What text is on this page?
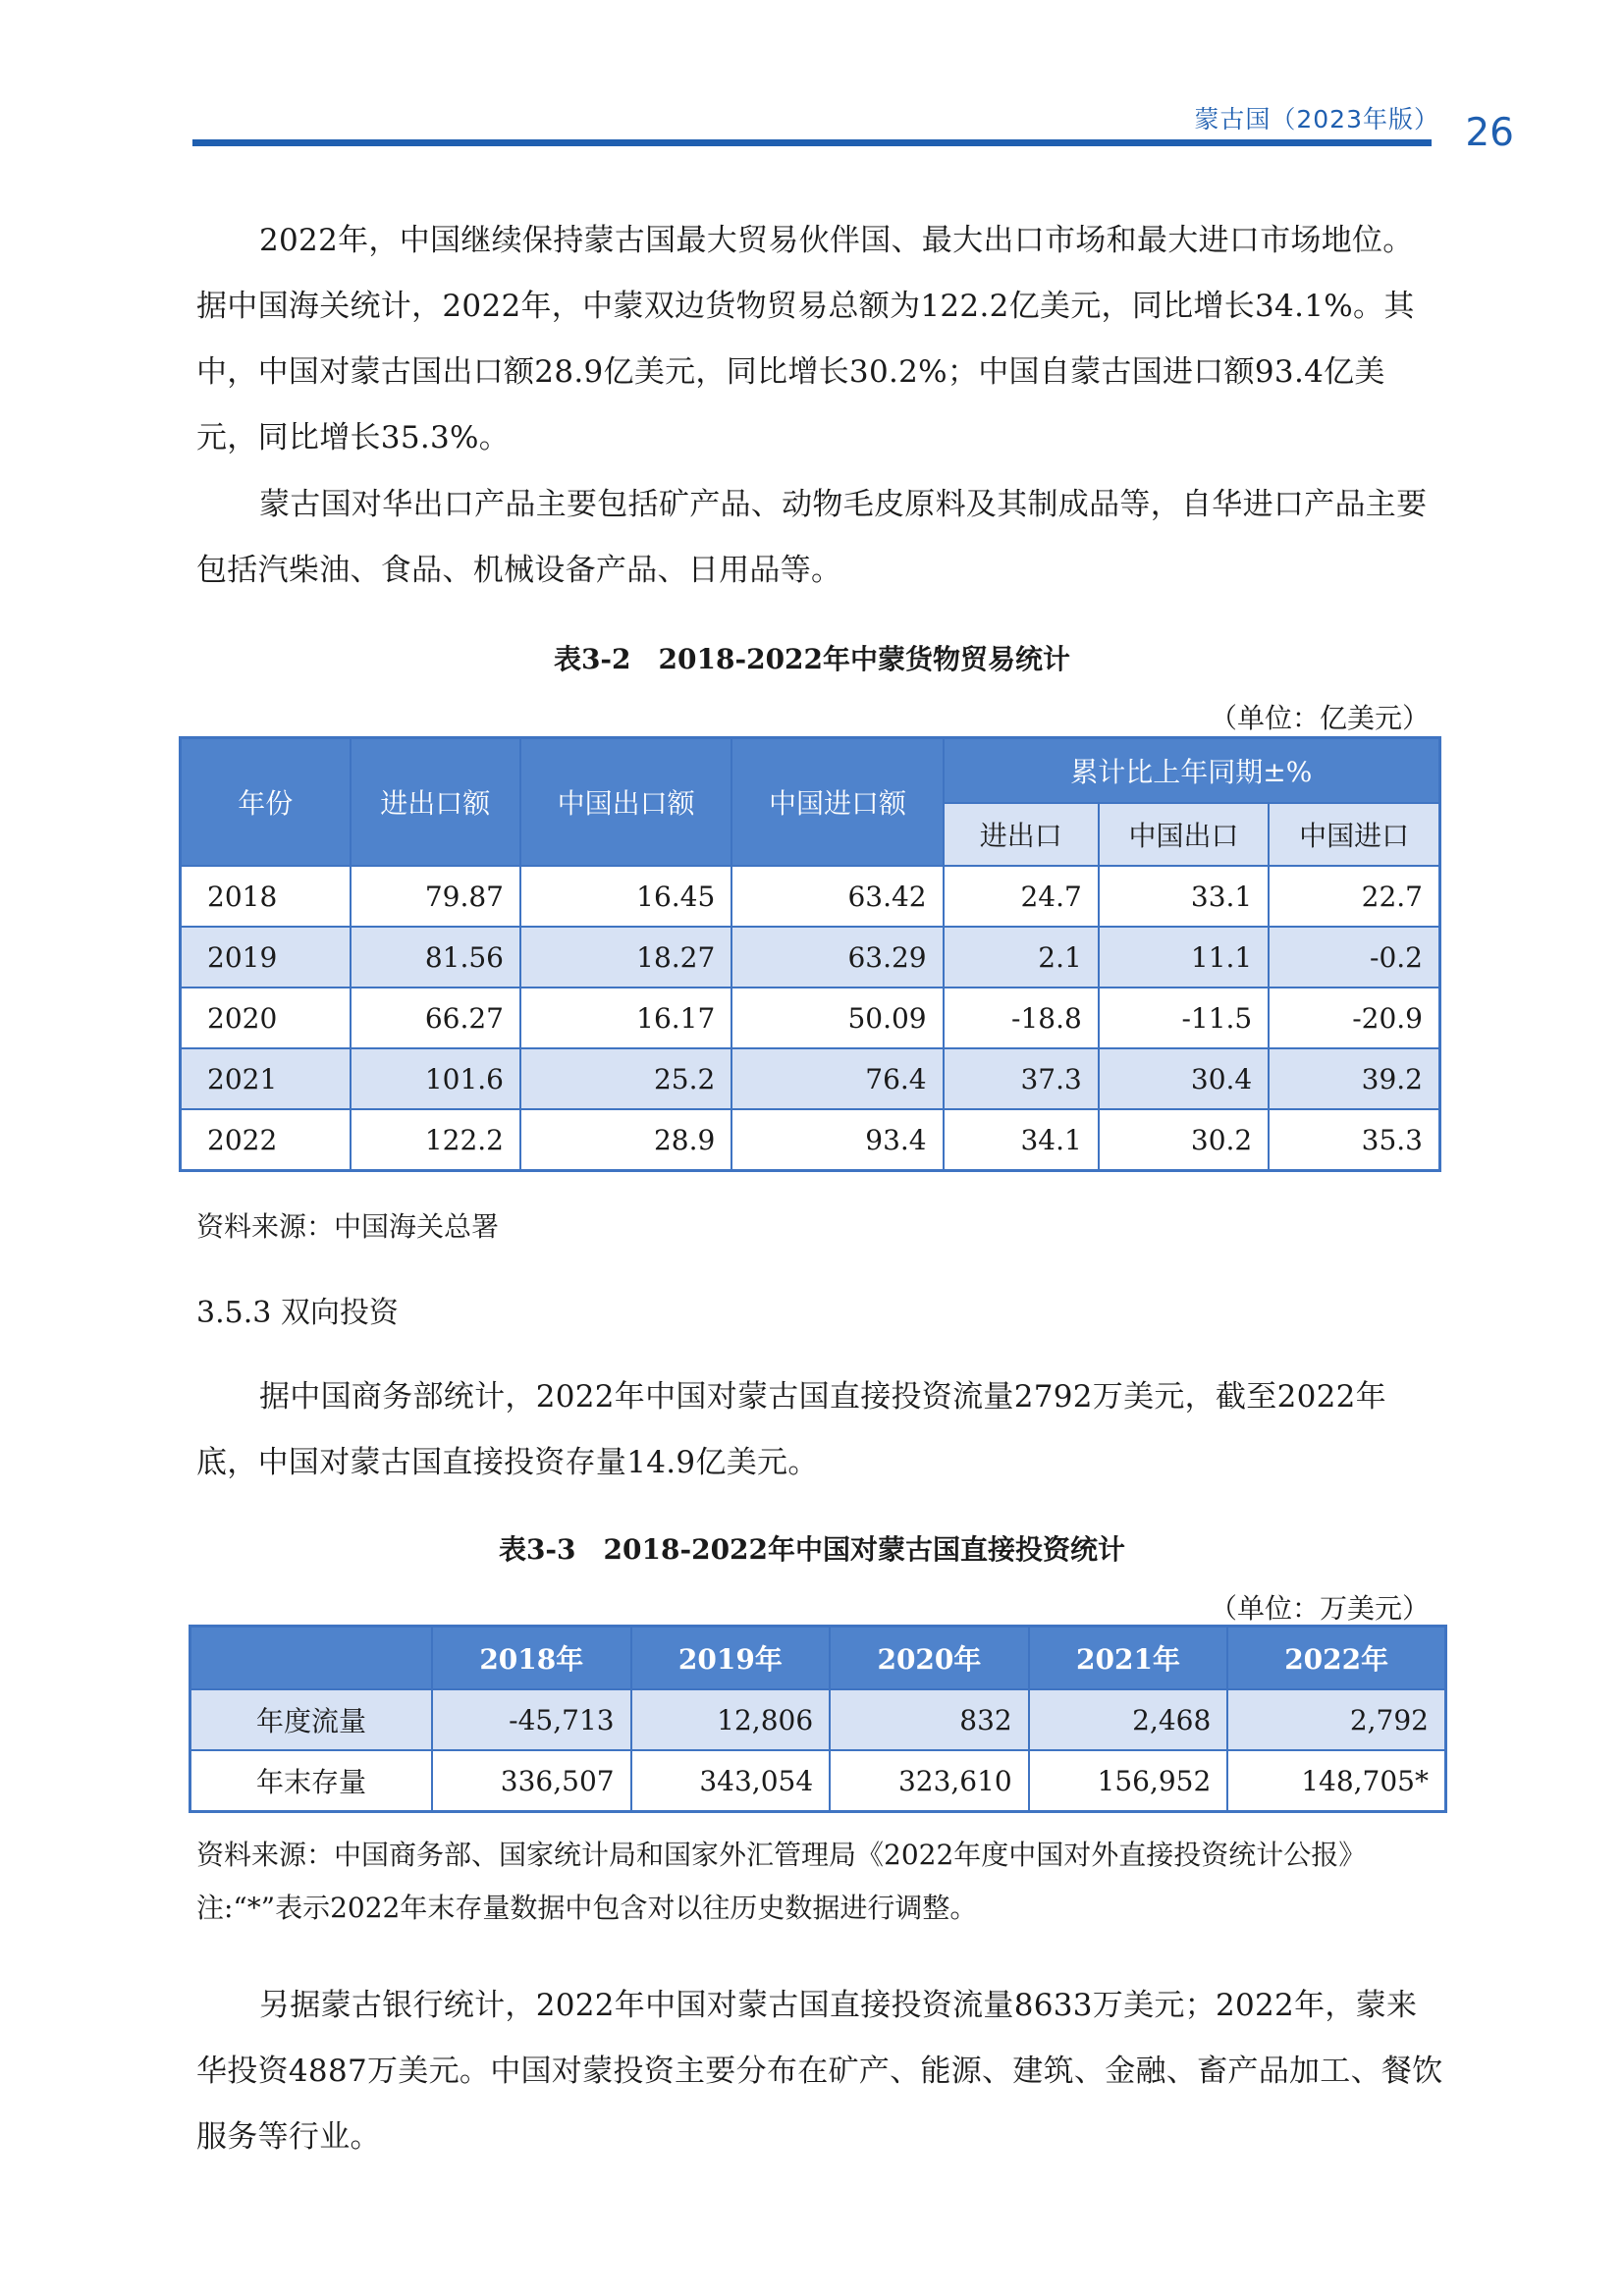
蒙古国（2023年版） 26

2022年，中国继续保持蒙古国最大贸易伙伴国、最大出口市场和最大进口市场地位。据中国海关统计，2022年，中蒙双边货物贸易总额为122.2亿美元，同比增长34.1%。其中，中国对蒙古国出口额28.9亿美元，同比增长30.2%；中国自蒙古国进口额93.4亿美元，同比增长35.3%。

蒙古国对华出口产品主要包括矿产品、动物毛皮原料及其制成品等，自华进口产品主要包括汽柴油、食品、机械设备产品、日用品等。

表3-2　2018-2022年中蒙货物贸易统计
（单位：亿美元）
年份	进出口额	中国出口额	中国进口额	累计比上年同期±%		
				进出口	中国出口	中国进口
2018	79.87	16.45	63.42	24.7	33.1	22.7
2019	81.56	18.27	63.29	2.1	11.1	-0.2
2020	66.27	16.17	50.09	-18.8	-11.5	-20.9
2021	101.6	25.2	76.4	37.3	30.4	39.2
2022	122.2	28.9	93.4	34.1	30.2	35.3
资料来源：中国海关总署
3.5.3 双向投资

据中国商务部统计，2022年中国对蒙古国直接投资流量2792万美元，截至2022年底，中国对蒙古国直接投资存量14.9亿美元。

表3-3　2018-2022年中国对蒙古国直接投资统计
（单位：万美元）
	2018年	2019年	2020年	2021年	2022年
年度流量	-45,713	12,806	832	2,468	2,792
年末存量	336,507	343,054	323,610	156,952	148,705*
资料来源：中国商务部、国家统计局和国家外汇管理局《2022年度中国对外直接投资统计公报》
注:“*”表示2022年末存量数据中包含对以往历史数据进行调整。

另据蒙古银行统计，2022年中国对蒙古国直接投资流量8633万美元；2022年，蒙来华投资4887万美元。中国对蒙投资主要分布在矿产、能源、建筑、金融、畜产品加工、餐饮服务等行业。
